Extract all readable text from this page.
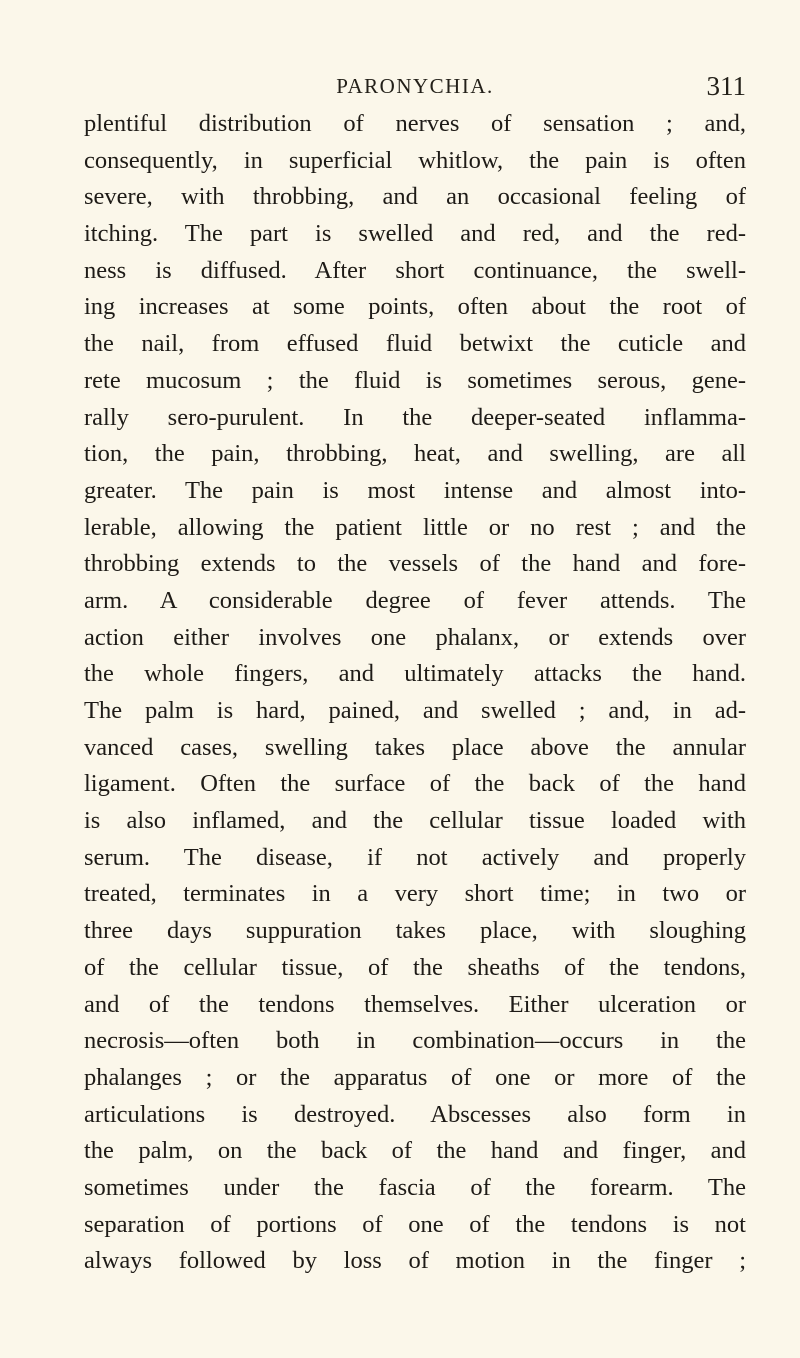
PARONYCHIA.	311
plentiful distribution of nerves of sensation ; and,
consequently, in superficial whitlow, the pain is often
severe, with throbbing, and an occasional feeling of
itching. The part is swelled and red, and the red-
ness is diffused. After short continuance, the swell-
ing increases at some points, often about the root of
the nail, from effused fluid betwixt the cuticle and
rete mucosum ; the fluid is sometimes serous, gene-
rally sero-purulent. In the deeper-seated inflamma-
tion, the pain, throbbing, heat, and swelling, are all
greater. The pain is most intense and almost into-
lerable, allowing the patient little or no rest ; and the
throbbing extends to the vessels of the hand and fore-
arm. A considerable degree of fever attends. The
action either involves one phalanx, or extends over
the whole fingers, and ultimately attacks the hand.
The palm is hard, pained, and swelled ; and, in ad-
vanced cases, swelling takes place above the annular
ligament. Often the surface of the back of the hand
is also inflamed, and the cellular tissue loaded with
serum. The disease, if not actively and properly
treated, terminates in a very short time; in two or
three days suppuration takes place, with sloughing
of the cellular tissue, of the sheaths of the tendons,
and of the tendons themselves. Either ulceration or
necrosis—often both in combination—occurs in the
phalanges ; or the apparatus of one or more of the
articulations is destroyed. Abscesses also form in
the palm, on the back of the hand and finger, and
sometimes under the fascia of the forearm. The
separation of portions of one of the tendons is not
always followed by loss of motion in the finger ;
